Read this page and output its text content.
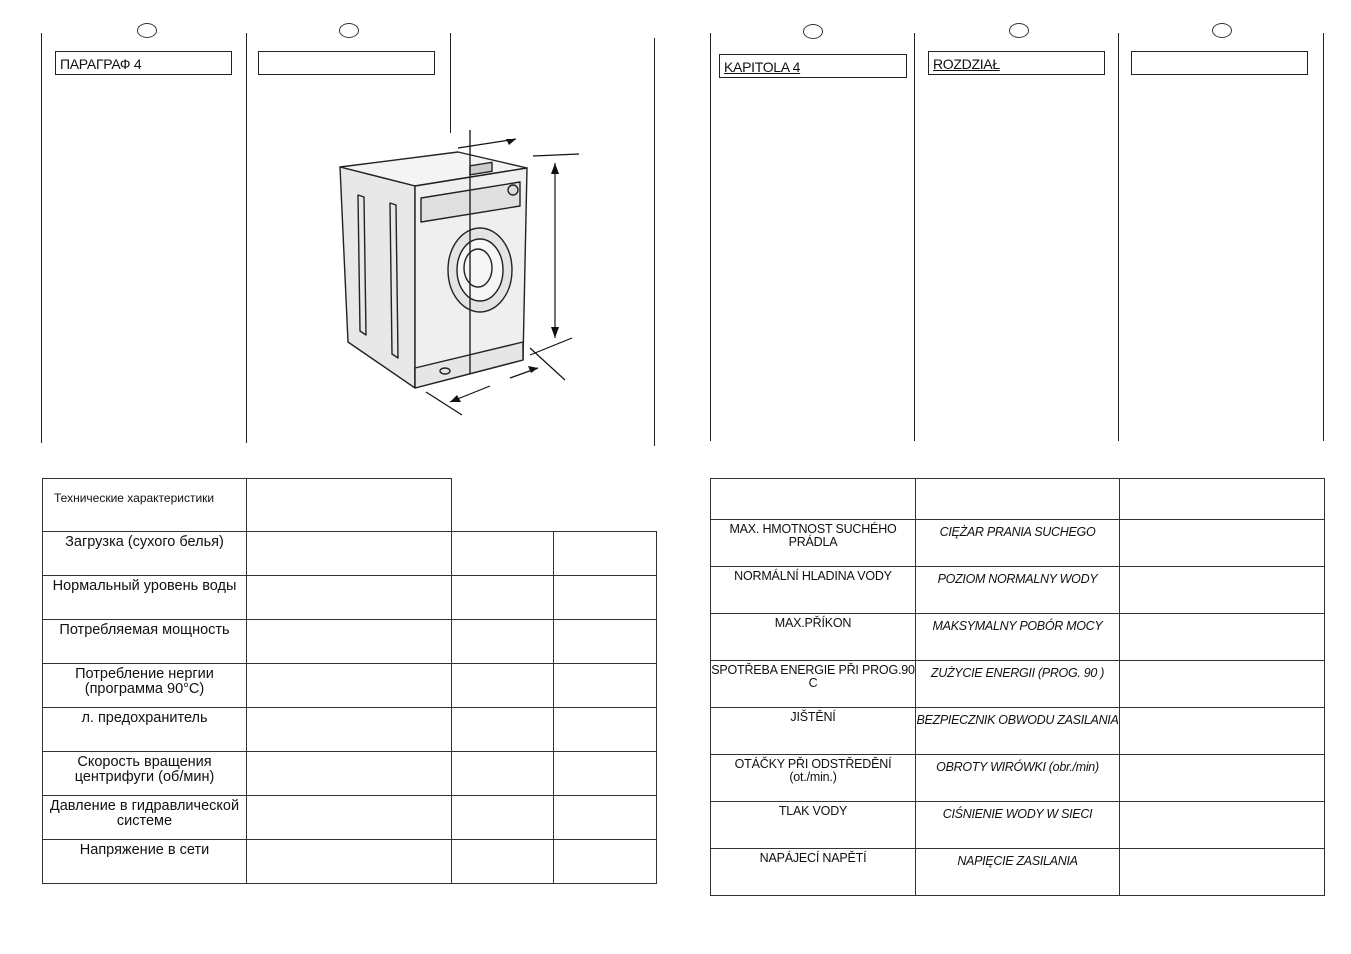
ПАРАГРАФ 4
Технические характеристики			
Загрузка (сухого белья)			
Нормальный уровень воды			
Потребляемая мощность			
Потребление нергии (программа 90°С)			
л. предохранитель			
Скорость вращения центрифуги (об/мин)			
Давление в гидравлической системе			
Напряжение в сети			
KAPITOLA 4	ROZDZIAŁ

MAX. HMOTNOST SUCHÉHO PRÁDLA	CIĘŻAR PRANIA SUCHEGO	
NORMÁLNÍ HLADINA VODY	POZIOM NORMALNY WODY	
MAX.PŘÍKON	MAKSYMALNY POBÓR MOCY	
SPOTŘEBA ENERGIE PŘI PROG.90 C	ZUŻYCIE ENERGII (PROG. 90 )	
JIŠTĚNÍ	BEZPIECZNIK OBWODU ZASILANIA	
OTÁČKY PŘI ODSTŘEDĚNÍ (ot./min.)	OBROTY WIRÓWKI (obr./min)	
TLAK VODY	CIŚNIENIE WODY W SIECI	
NAPÁJECÍ NAPĚTÍ	NAPIĘCIE ZASILANIA	
